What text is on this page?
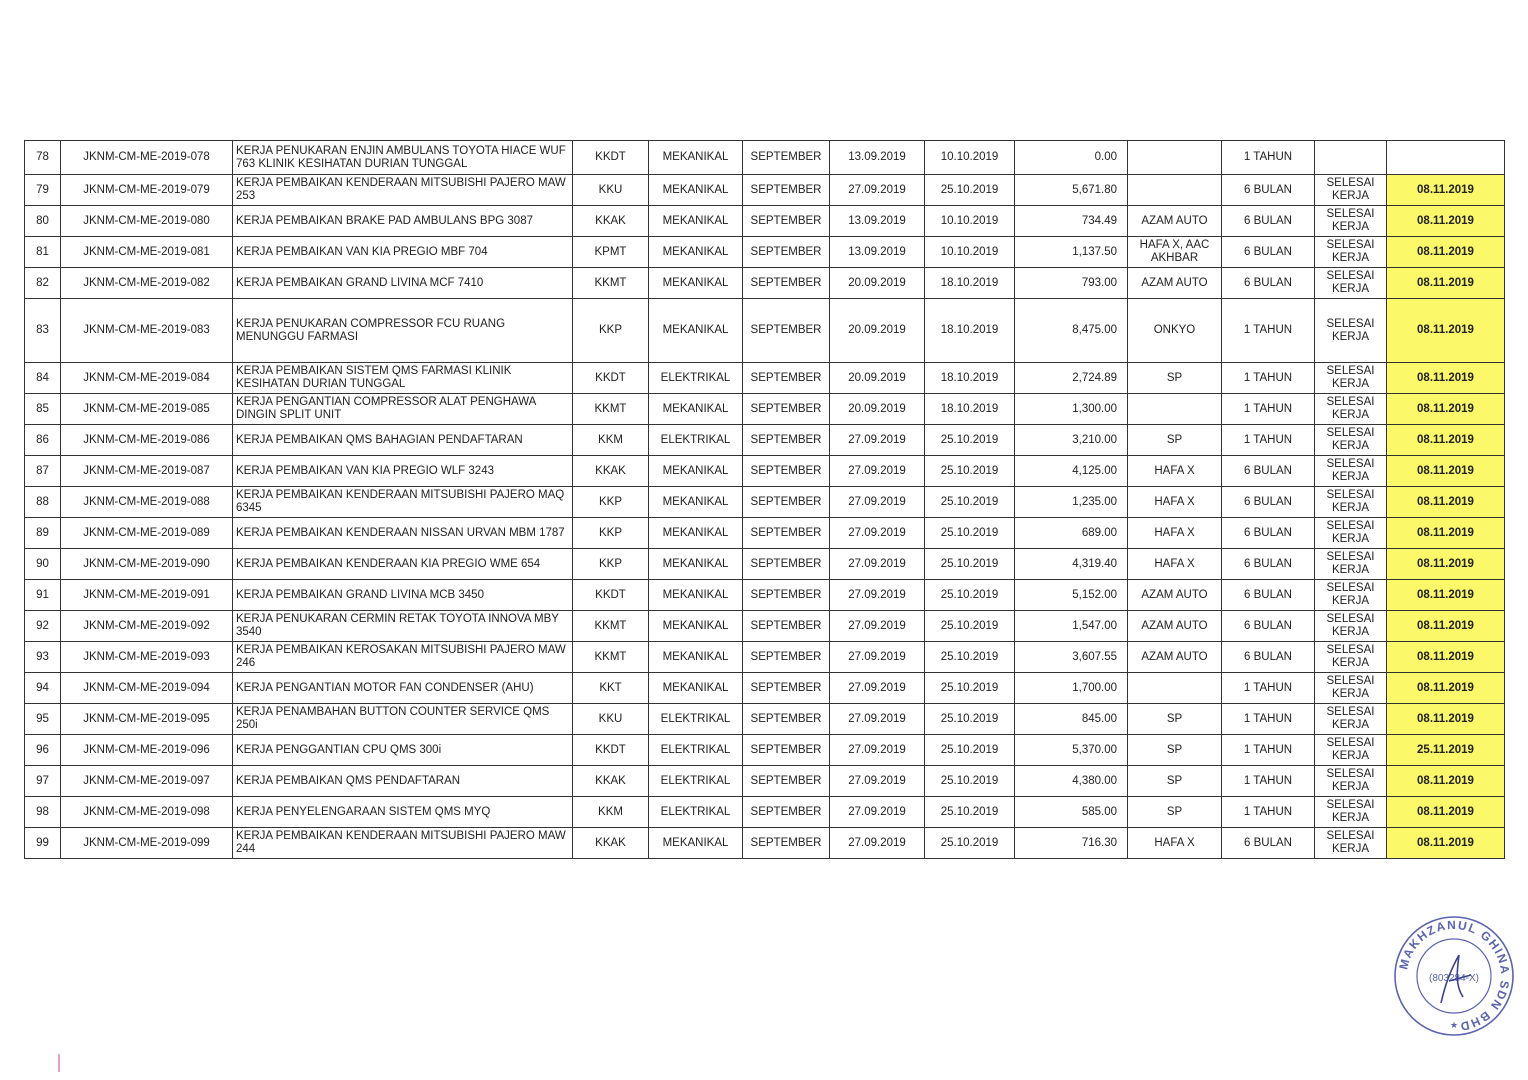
78	JKNM-CM-ME-2019-078	KERJA PENUKARAN ENJIN AMBULANS TOYOTA HIACE WUF 763 KLINIK KESIHATAN DURIAN TUNGGAL	KKDT	MEKANIKAL	SEPTEMBER	13.09.2019	10.10.2019	0.00		1 TAHUN		
79	JKNM-CM-ME-2019-079	KERJA PEMBAIKAN KENDERAAN MITSUBISHI PAJERO MAW 253	KKU	MEKANIKAL	SEPTEMBER	27.09.2019	25.10.2019	5,671.80		6 BULAN	SELESAI KERJA	08.11.2019
80	JKNM-CM-ME-2019-080	KERJA PEMBAIKAN BRAKE PAD AMBULANS BPG 3087	KKAK	MEKANIKAL	SEPTEMBER	13.09.2019	10.10.2019	734.49	AZAM AUTO	6 BULAN	SELESAI KERJA	08.11.2019
81	JKNM-CM-ME-2019-081	KERJA PEMBAIKAN VAN KIA PREGIO MBF 704	KPMT	MEKANIKAL	SEPTEMBER	13.09.2019	10.10.2019	1,137.50	HAFA X, AAC AKHBAR	6 BULAN	SELESAI KERJA	08.11.2019
82	JKNM-CM-ME-2019-082	KERJA PEMBAIKAN GRAND LIVINA MCF 7410	KKMT	MEKANIKAL	SEPTEMBER	20.09.2019	18.10.2019	793.00	AZAM AUTO	6 BULAN	SELESAI KERJA	08.11.2019
83	JKNM-CM-ME-2019-083	KERJA PENUKARAN COMPRESSOR FCU RUANG MENUNGGU FARMASI	KKP	MEKANIKAL	SEPTEMBER	20.09.2019	18.10.2019	8,475.00	ONKYO	1 TAHUN	SELESAI KERJA	08.11.2019
84	JKNM-CM-ME-2019-084	KERJA PEMBAIKAN SISTEM QMS FARMASI KLINIK KESIHATAN DURIAN TUNGGAL	KKDT	ELEKTRIKAL	SEPTEMBER	20.09.2019	18.10.2019	2,724.89	SP	1 TAHUN	SELESAI KERJA	08.11.2019
85	JKNM-CM-ME-2019-085	KERJA PENGANTIAN COMPRESSOR ALAT PENGHAWA DINGIN SPLIT UNIT	KKMT	MEKANIKAL	SEPTEMBER	20.09.2019	18.10.2019	1,300.00		1 TAHUN	SELESAI KERJA	08.11.2019
86	JKNM-CM-ME-2019-086	KERJA PEMBAIKAN QMS BAHAGIAN PENDAFTARAN	KKM	ELEKTRIKAL	SEPTEMBER	27.09.2019	25.10.2019	3,210.00	SP	1 TAHUN	SELESAI KERJA	08.11.2019
87	JKNM-CM-ME-2019-087	KERJA PEMBAIKAN VAN KIA PREGIO WLF 3243	KKAK	MEKANIKAL	SEPTEMBER	27.09.2019	25.10.2019	4,125.00	HAFA X	6 BULAN	SELESAI KERJA	08.11.2019
88	JKNM-CM-ME-2019-088	KERJA PEMBAIKAN KENDERAAN MITSUBISHI PAJERO MAQ 6345	KKP	MEKANIKAL	SEPTEMBER	27.09.2019	25.10.2019	1,235.00	HAFA X	6 BULAN	SELESAI KERJA	08.11.2019
89	JKNM-CM-ME-2019-089	KERJA PEMBAIKAN KENDERAAN NISSAN URVAN MBM 1787	KKP	MEKANIKAL	SEPTEMBER	27.09.2019	25.10.2019	689.00	HAFA X	6 BULAN	SELESAI KERJA	08.11.2019
90	JKNM-CM-ME-2019-090	KERJA PEMBAIKAN KENDERAAN KIA PREGIO WME 654	KKP	MEKANIKAL	SEPTEMBER	27.09.2019	25.10.2019	4,319.40	HAFA X	6 BULAN	SELESAI KERJA	08.11.2019
91	JKNM-CM-ME-2019-091	KERJA PEMBAIKAN GRAND LIVINA MCB 3450	KKDT	MEKANIKAL	SEPTEMBER	27.09.2019	25.10.2019	5,152.00	AZAM AUTO	6 BULAN	SELESAI KERJA	08.11.2019
92	JKNM-CM-ME-2019-092	KERJA PENUKARAN CERMIN RETAK TOYOTA INNOVA MBY 3540	KKMT	MEKANIKAL	SEPTEMBER	27.09.2019	25.10.2019	1,547.00	AZAM AUTO	6 BULAN	SELESAI KERJA	08.11.2019
93	JKNM-CM-ME-2019-093	KERJA PEMBAIKAN KEROSAKAN MITSUBISHI PAJERO MAW 246	KKMT	MEKANIKAL	SEPTEMBER	27.09.2019	25.10.2019	3,607.55	AZAM AUTO	6 BULAN	SELESAI KERJA	08.11.2019
94	JKNM-CM-ME-2019-094	KERJA PENGANTIAN MOTOR FAN CONDENSER (AHU)	KKT	MEKANIKAL	SEPTEMBER	27.09.2019	25.10.2019	1,700.00		1 TAHUN	SELESAI KERJA	08.11.2019
95	JKNM-CM-ME-2019-095	KERJA PENAMBAHAN BUTTON COUNTER SERVICE QMS 250i	KKU	ELEKTRIKAL	SEPTEMBER	27.09.2019	25.10.2019	845.00	SP	1 TAHUN	SELESAI KERJA	08.11.2019
96	JKNM-CM-ME-2019-096	KERJA PENGGANTIAN CPU QMS 300i	KKDT	ELEKTRIKAL	SEPTEMBER	27.09.2019	25.10.2019	5,370.00	SP	1 TAHUN	SELESAI KERJA	25.11.2019
97	JKNM-CM-ME-2019-097	KERJA PEMBAIKAN QMS PENDAFTARAN	KKAK	ELEKTRIKAL	SEPTEMBER	27.09.2019	25.10.2019	4,380.00	SP	1 TAHUN	SELESAI KERJA	08.11.2019
98	JKNM-CM-ME-2019-098	KERJA PENYELENGARAAN SISTEM QMS MYQ	KKM	ELEKTRIKAL	SEPTEMBER	27.09.2019	25.10.2019	585.00	SP	1 TAHUN	SELESAI KERJA	08.11.2019
99	JKNM-CM-ME-2019-099	KERJA PEMBAIKAN KENDERAAN MITSUBISHI PAJERO MAW 244	KKAK	MEKANIKAL	SEPTEMBER	27.09.2019	25.10.2019	716.30	HAFA X	6 BULAN	SELESAI KERJA	08.11.2019
MAKHZANUL GHINA SDN BHD
(803284-X)
★
